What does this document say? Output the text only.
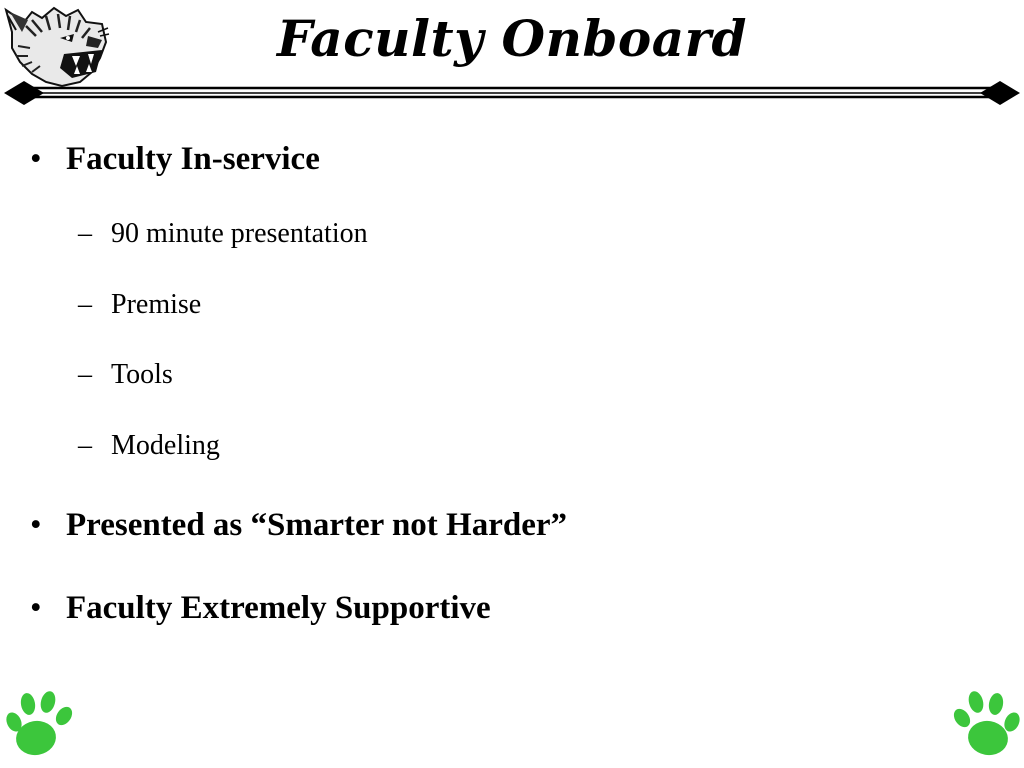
Faculty Onboard
• Faculty In-service
– 90 minute presentation
– Premise
– Tools
– Modeling
• Presented as “Smarter not Harder”
• Faculty Extremely Supportive
